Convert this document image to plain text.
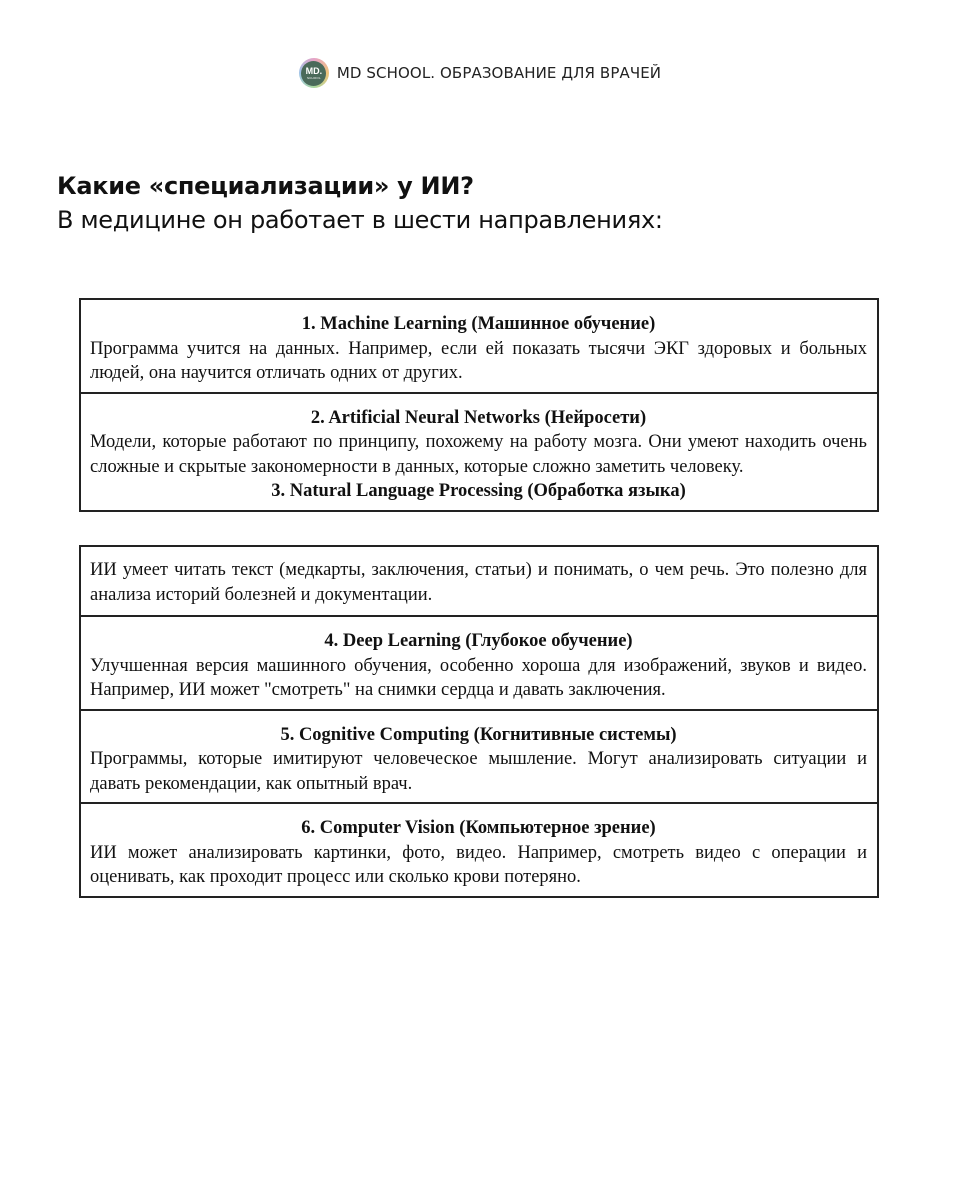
MD.
SCHOOL MD SCHOOL. ОБРАЗОВАНИЕ ДЛЯ ВРАЧЕЙ
Какие «специализации» у ИИ?
В медицине он работает в шести направлениях:
1. Machine Learning (Машинное обучение)
Программа учится на данных. Например, если ей показать тысячи ЭКГ здоровых и больных людей, она научится отличать одних от других.
2. Artificial Neural Networks (Нейросети)
Модели, которые работают по принципу, похожему на работу мозга. Они умеют находить очень сложные и скрытые закономерности в данных, которые сложно заметить человеку.
3. Natural Language Processing (Обработка языка)
ИИ умеет читать текст (медкарты, заключения, статьи) и понимать, о чем речь. Это полезно для анализа историй болезней и документации.
4. Deep Learning (Глубокое обучение)
Улучшенная версия машинного обучения, особенно хороша для изображений, звуков и видео. Например, ИИ может "смотреть" на снимки сердца и давать заключения.
5. Cognitive Computing (Когнитивные системы)
Программы, которые имитируют человеческое мышление. Могут анализировать ситуации и давать рекомендации, как опытный врач.
6. Computer Vision (Компьютерное зрение)
ИИ может анализировать картинки, фото, видео. Например, смотреть видео с операции и оценивать, как проходит процесс или сколько крови потеряно.
